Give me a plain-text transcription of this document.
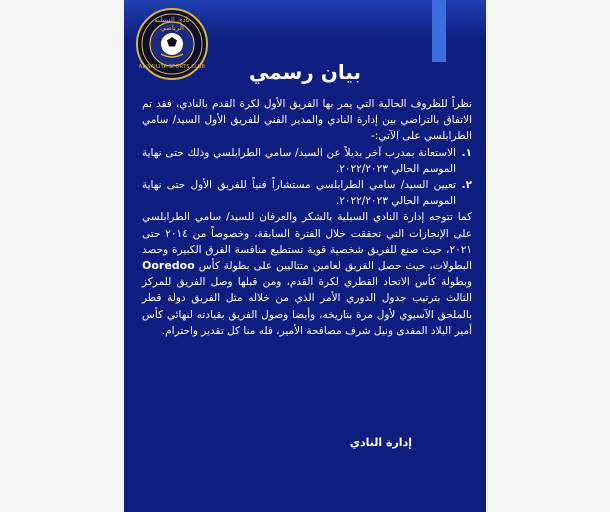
نادي السيلية الرياضي
AL-SAILIYA SPORTS CLUB	بيان رسمي

نظراً للظروف الحالية التي يمر بها الفريق الأول لكرة القدم بالنادي، فقد تم الاتفاق بالتراضي بين إدارة النادي والمدير الفني للفريق الأول السيد/ سامي الطرابلسي على الآتي:-

١.
الاستعانة بمدرب آخر بديلاً عن السيد/ سامي الطرابلسي وذلك حتى نهاية الموسم الحالي ٢٠٢٢/٢٠٢٣.
٢.
تعيين السيد/ سامي الطرابلسي مستشاراً فنياً للفريق الأول حتى نهاية الموسم الحالي ٢٠٢٢/٢٠٢٣.

كما تتوجه إدارة النادي السيلية بالشكر والعرفان للسيد/ سامي الطرابلسي على الإنجازات التي تحققت خلال الفترة السابقة، وخصوصاً من ٢٠١٤ حتى ٢٠٢١، حيث صنع للفريق شخصية قوية تستطيع منافسة الفرق الكبيرة وحصد البطولات، حيث حصل الفريق لعامين متتاليين على بطولة كأس Ooredoo وبطولة كأس الاتحاد القطري لكرة القدم، ومن قبلها وصل الفريق للمركز الثالث بترتيب جدول الدوري الأمر الذي من خلاله مثل الفريق دولة قطر بالملحق الآسيوي لأول مرة بتاريخه، وأيضا وصول الفريق بقيادته لنهائي كأس أمير البلاد المفدى ونيل شرف مصافحة الأمير، فله منا كل تقدير واحترام.

إدارة النادي
